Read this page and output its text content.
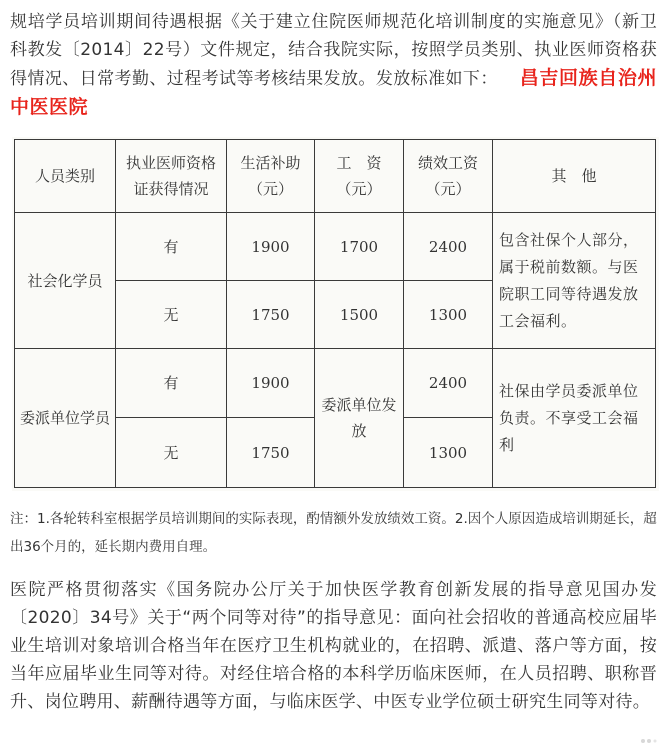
规培学员培训期间待遇根据《关于建立住院医师规范化培训制度的实施意见》（新卫科教发〔2014〕22号）文件规定，结合我院实际，按照学员类别、执业医师资格获得情况、日常考勤、过程考试等考核结果发放。发放标准如下： 昌吉回族自治州中医医院

人员类别	执业医师资格证获得情况	生活补助（元）	工　资（元）	绩效工资（元）	其　他
社会化学员	有	1900	1700	2400	包含社保个人部分，属于税前数额。与医院职工同等待遇发放工会福利。
	无	1750	1500	1300	
委派单位学员	有	1900	委派单位发放	2400	社保由学员委派单位负责。不享受工会福利
	无	1750		1300	

注：1.各轮转科室根据学员培训期间的实际表现，酌情额外发放绩效工资。2.因个人原因造成培训期延长，超出36个月的，延长期内费用自理。

医院严格贯彻落实《国务院办公厅关于加快医学教育创新发展的指导意见国办发〔2020〕34号》关于“两个同等对待”的指导意见：面向社会招收的普通高校应届毕业生培训对象培训合格当年在医疗卫生机构就业的，在招聘、派遣、落户等方面，按当年应届毕业生同等对待。对经住培合格的本科学历临床医师，在人员招聘、职称晋升、岗位聘用、薪酬待遇等方面，与临床医学、中医专业学位硕士研究生同等对待。
